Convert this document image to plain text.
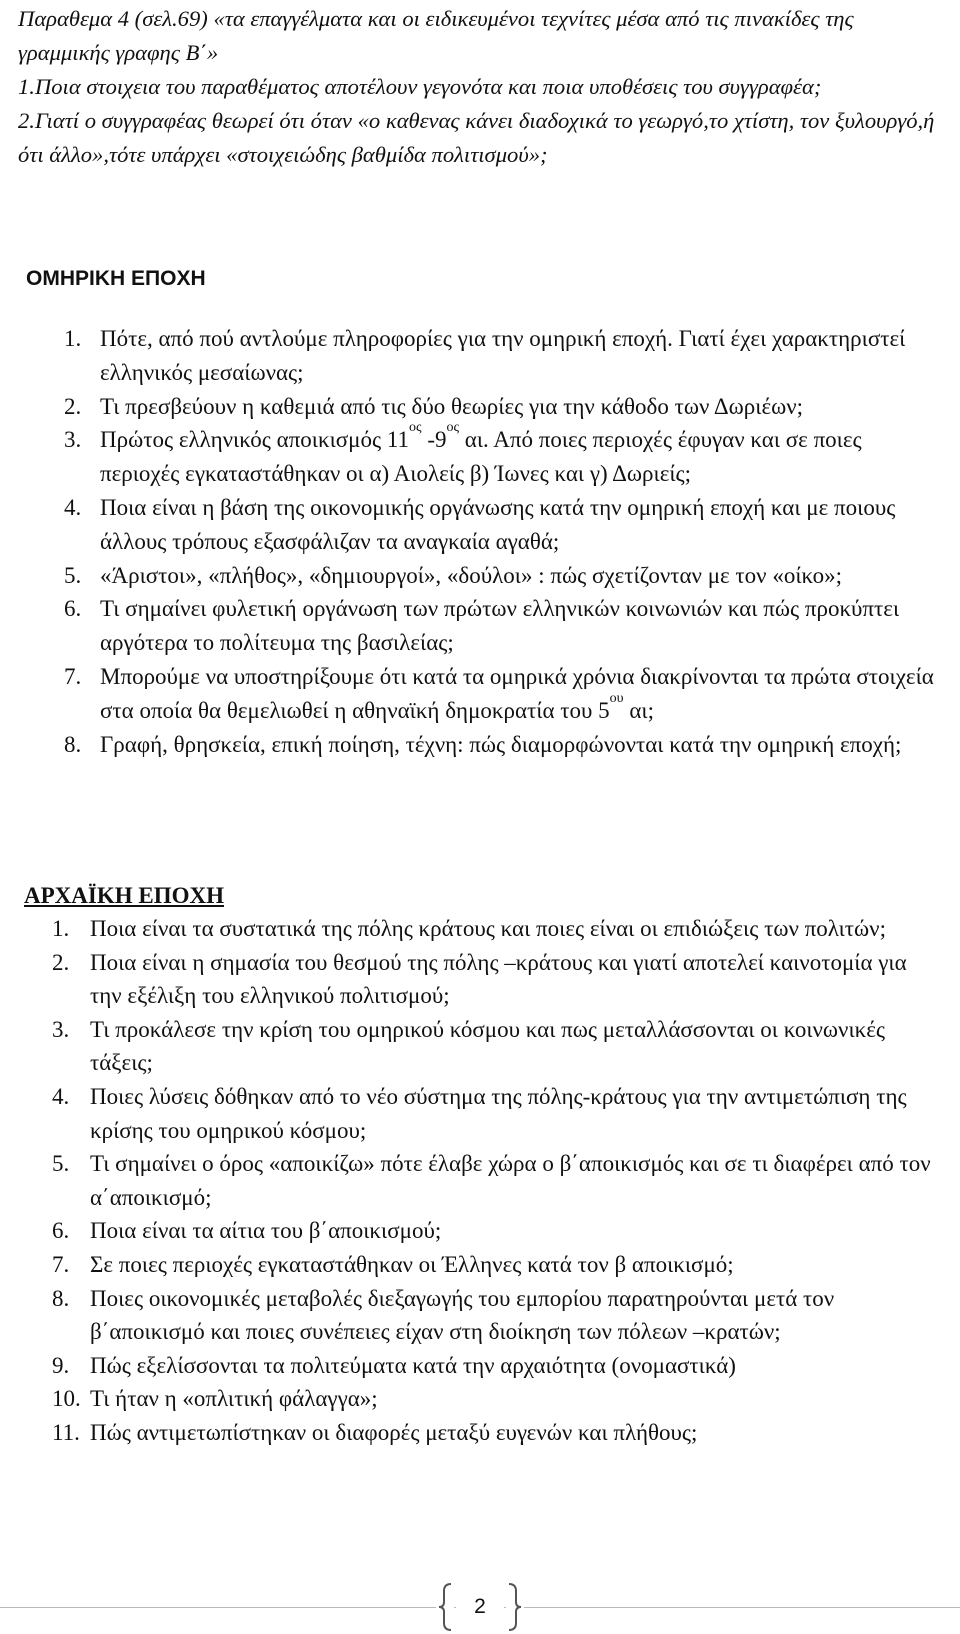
Παραθεμα 4 (σελ.69) «τα επαγγέλματα και οι ειδικευμένοι τεχνίτες μέσα από τις πινακίδες της γραμμικής γραφης Β΄»

1.Ποια στοιχεια του παραθέματος αποτέλουν γεγονότα και ποια υποθέσεις του συγγραφέα;

2.Γιατί ο συγγραφέας θεωρεί ότι όταν «ο καθενας κάνει διαδοχικά το γεωργό,το χτίστη, τον ξυλουργό,ή ότι άλλο»,τότε υπάρχει «στοιχειώδης βαθμίδα πολιτισμού»;

ΟΜΗΡΙΚΗ ΕΠΟΧΗ
1. Πότε, από πού αντλούμε πληροφορίες για την ομηρική εποχή. Γιατί έχει χαρακτηριστεί ελληνικός μεσαίωνας;
2. Τι πρεσβεύουν η καθεμιά από τις δύο θεωρίες για την κάθοδο των Δωριέων;
3. Πρώτος ελληνικός αποικισμός $11^{o\varsigma}$ $-9^{o\varsigma}$ αι. Από ποιες περιοχές έφυγαν και σε ποιες περιοχές εγκαταστάθηκαν οι α) Αιολείς β) Ίωνες και γ) Δωριείς;
4. Ποια είναι η βάση της οικονομικής οργάνωσης κατά την ομηρική εποχή και με ποιους άλλους τρόπους εξασφάλιζαν τα αναγκαία αγαθά;
5. «Άριστοι», «πλήθος», «δημιουργοί», «δούλοι» : πώς σχετίζονταν με τον «οίκο»;
6. Τι σημαίνει φυλετική οργάνωση των πρώτων ελληνικών κοινωνιών και πώς προκύπτει αργότερα το πολίτευμα της βασιλείας;
7. Μπορούμε να υποστηρίξουμε ότι κατά τα ομηρικά χρόνια διακρίνονται τα πρώτα στοιχεία στα οποία θα θεμελιωθεί η αθηναϊκή δημοκρατία του $5^{o\upsilon}$ αι;
8. Γραφή, θρησκεία, επική ποίηση, τέχνη: πώς διαμορφώνονται κατά την ομηρική εποχή;
ΑΡΧΑΪΚΗ ΕΠΟΧΗ
1. Ποια είναι τα συστατικά της πόλης κράτους και ποιες είναι οι επιδιώξεις των πολιτών;
2. Ποια είναι η σημασία του θεσμού της πόλης –κράτους και γιατί αποτελεί καινοτομία για την εξέλιξη του ελληνικού πολιτισμού;
3. Τι προκάλεσε την κρίση του ομηρικού κόσμου και πως μεταλλάσσονται οι κοινωνικές τάξεις;
4. Ποιες λύσεις δόθηκαν από το νέο σύστημα της πόλης-κράτους για την αντιμετώπιση της κρίσης του ομηρικού κόσμου;
5. Τι σημαίνει ο όρος «αποικίζω» πότε έλαβε χώρα ο β΄αποικισμός και σε τι διαφέρει από τον α΄αποικισμό;
6. Ποια είναι τα αίτια του β΄αποικισμού;
7. Σε ποιες περιοχές εγκαταστάθηκαν οι Έλληνες κατά τον β αποικισμό;
8. Ποιες οικονομικές μεταβολές διεξαγωγής του εμπορίου παρατηρούνται μετά τον β΄αποικισμό και ποιες συνέπειες είχαν στη διοίκηση των πόλεων –κρατών;
9. Πώς εξελίσσονται τα πολιτεύματα κατά την αρχαιότητα (ονομαστικά)
10. Τι ήταν η «οπλιτική φάλαγγα»;
11. Πώς αντιμετωπίστηκαν οι διαφορές μεταξύ ευγενών και πλήθους;
2
